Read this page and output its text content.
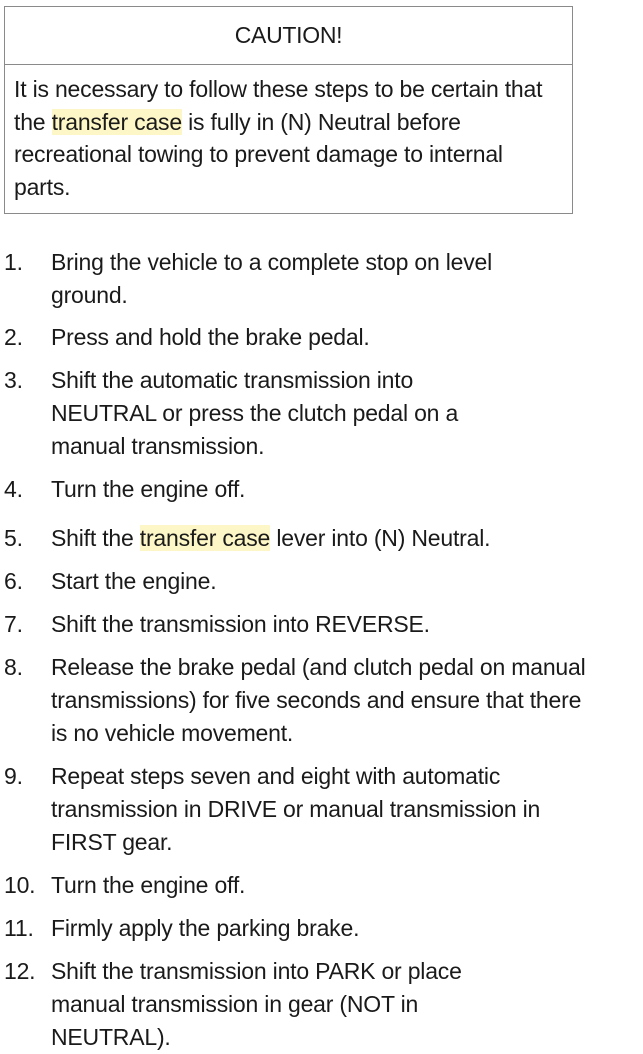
CAUTION!
It is necessary to follow these steps to be certain that the transfer case is fully in (N) Neutral before recreational towing to prevent damage to internal parts.
1. Bring the vehicle to a complete stop on level ground.
2. Press and hold the brake pedal.
3. Shift the automatic transmission into NEUTRAL or press the clutch pedal on a manual transmission.
4. Turn the engine off.
5. Shift the transfer case lever into (N) Neutral.
6. Start the engine.
7. Shift the transmission into REVERSE.
8. Release the brake pedal (and clutch pedal on manual transmissions) for five seconds and ensure that there is no vehicle movement.
9. Repeat steps seven and eight with automatic transmission in DRIVE or manual transmission in FIRST gear.
10. Turn the engine off.
11. Firmly apply the parking brake.
12. Shift the transmission into PARK or place manual transmission in gear (NOT in NEUTRAL).
